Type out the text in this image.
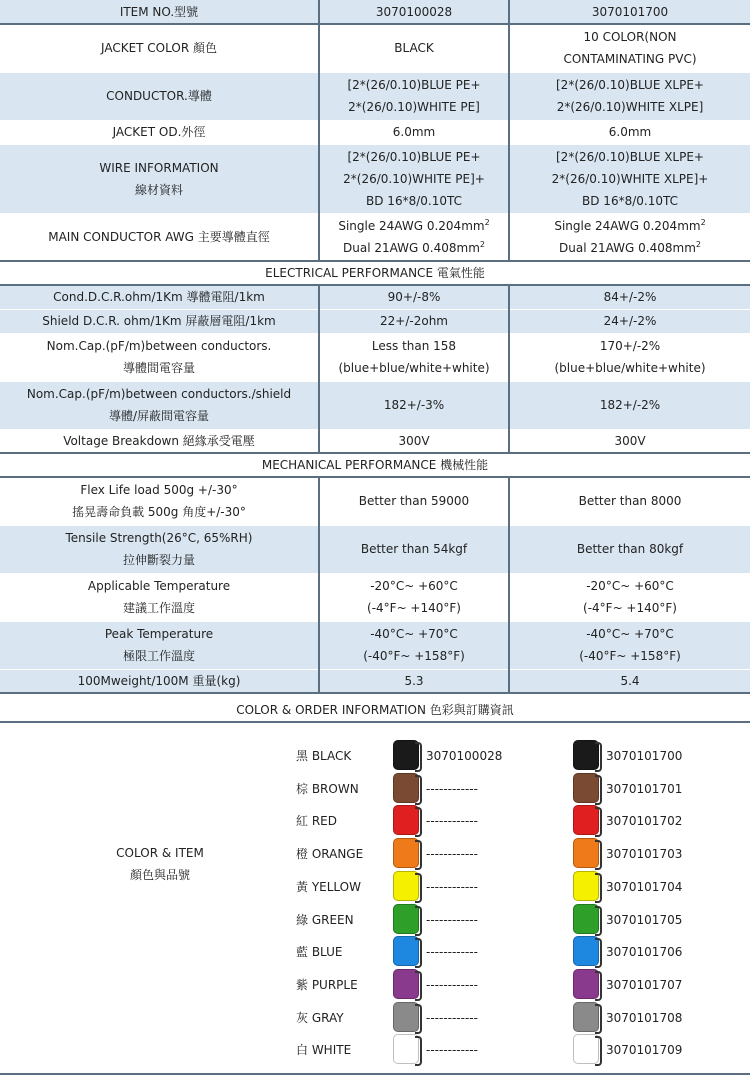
ITEM NO.型號	3070100028	3070101700
JACKET COLOR 顏色	BLACK	10 COLOR(NON
CONTAMINATING PVC)

CONDUCTOR.導體	[2*(26/0.10)BLUE PE+
2*(26/0.10)WHITE PE]	[2*(26/0.10)BLUE XLPE+
2*(26/0.10)WHITE XLPE]

JACKET OD.外徑	6.0mm	6.0mm

WIRE INFORMATION
線材資料	[2*(26/0.10)BLUE PE+
2*(26/0.10)WHITE PE]+
BD 16*8/0.10TC	[2*(26/0.10)BLUE XLPE+
2*(26/0.10)WHITE XLPE]+
BD 16*8/0.10TC

MAIN CONDUCTOR AWG 主要導體直徑	Single 24AWG $0.204mm^2$
Dual 21AWG $0.408mm^2$	Single 24AWG $0.204mm^2$
Dual 21AWG $0.408mm^2$

ELECTRICAL PERFORMANCE 電氣性能		
Cond.D.C.R.ohm/1Km 導體電阻/1km	90+/-8%	84+/-2%
Shield D.C.R. ohm/1Km 屏蔽層電阻/1km	22+/-2ohm	24+/-2%

Nom.Cap.(pF/m)between conductors.
導體間電容量	Less than 158
(blue+blue/white+white)	170+/-2%
(blue+blue/white+white)

Nom.Cap.(pF/m)between conductors./shield
導體/屏蔽間電容量	182+/-3%	182+/-2%
Voltage Breakdown 絕緣承受電壓	300V	300V
MECHANICAL PERFORMANCE 機械性能		

Flex Life load 500g +/-30°
搖晃壽命負載 500g 角度+/-30°	Better than 59000	Better than 8000

Tensile Strength(26°C, 65%RH)
拉伸斷裂力量	Better than 54kgf	Better than 80kgf

Applicable Temperature
建議工作溫度	-20°C~ +60°C
(-4°F~ +140°F)	-20°C~ +60°C
(-4°F~ +140°F)

Peak Temperature
極限工作溫度	-40°C~ +70°C
(-40°F~ +158°F)	-40°C~ +70°C
(-40°F~ +158°F)

100Mweight/100M 重量(kg)	5.3	5.4
COLOR & ORDER INFORMATION 色彩與訂購資訊
COLOR & ITEM
顏色與品號
黑 BLACK	3070100028	3070101700
棕 BROWN	------------	3070101701
紅 RED	------------	3070101702
橙 ORANGE	------------	3070101703
黃 YELLOW	------------	3070101704
綠 GREEN	------------	3070101705
藍 BLUE	------------	3070101706
紫 PURPLE	------------	3070101707
灰 GRAY	------------	3070101708
白 WHITE	------------	3070101709
